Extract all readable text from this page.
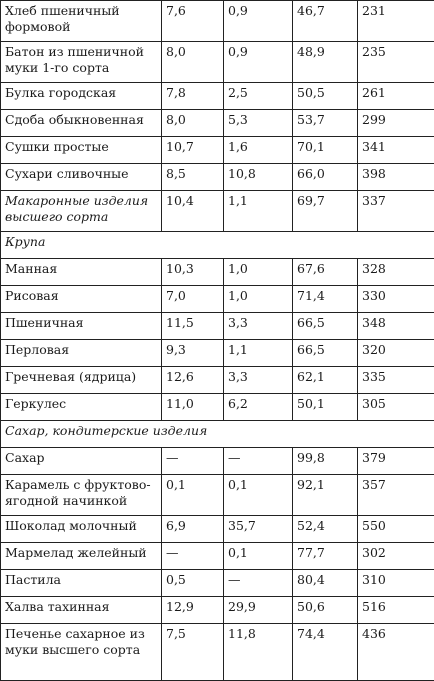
Хлеб пшеничный формовой	7,6	0,9	46,7	231
Батон из пшеничной муки 1-го сорта	8,0	0,9	48,9	235
Булка городская	7,8	2,5	50,5	261
Сдоба обыкновенная	8,0	5,3	53,7	299
Сушки простые	10,7	1,6	70,1	341
Сухари сливочные	8,5	10,8	66,0	398
Макаронные изделия высшего сорта	10,4	1,1	69,7	337
Крупа				
Манная	10,3	1,0	67,6	328
Рисовая	7,0	1,0	71,4	330
Пшеничная	11,5	3,3	66,5	348
Перловая	9,3	1,1	66,5	320
Гречневая (ядрица)	12,6	3,3	62,1	335
Геркулес	11,0	6,2	50,1	305
Сахар, кондитерские изделия				
Сахар	—	—	99,8	379
Карамель с фруктово-ягодной начинкой	0,1	0,1	92,1	357
Шоколад молочный	6,9	35,7	52,4	550
Мармелад желейный	—	0,1	77,7	302
Пастила	0,5	—	80,4	310
Халва тахинная	12,9	29,9	50,6	516
Печенье сахарное из муки высшего сорта	7,5	11,8	74,4	436
